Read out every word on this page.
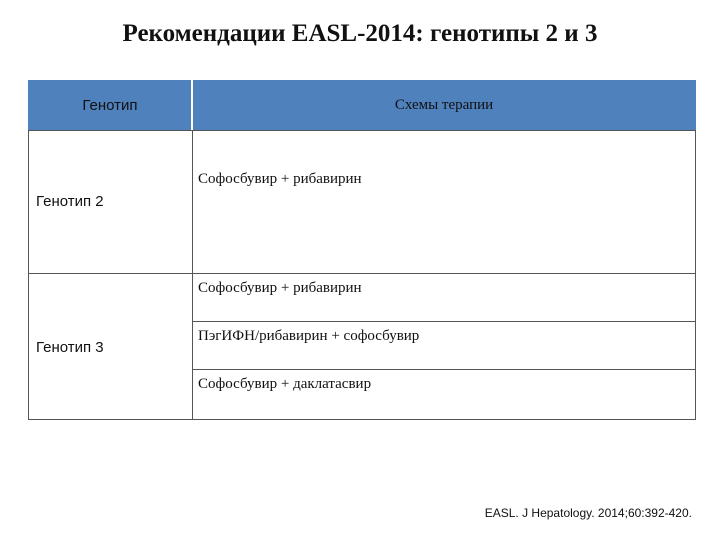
Рекомендации EASL-2014: генотипы 2 и 3
Генотип	Схемы терапии
Генотип 2
Софосбувир + рибавирин
Генотип 3
Софосбувир + рибавирин
ПэгИФН/рибавирин + софосбувир
Софосбувир + даклатасвир
EASL. J Hepatology. 2014;60:392-420.
